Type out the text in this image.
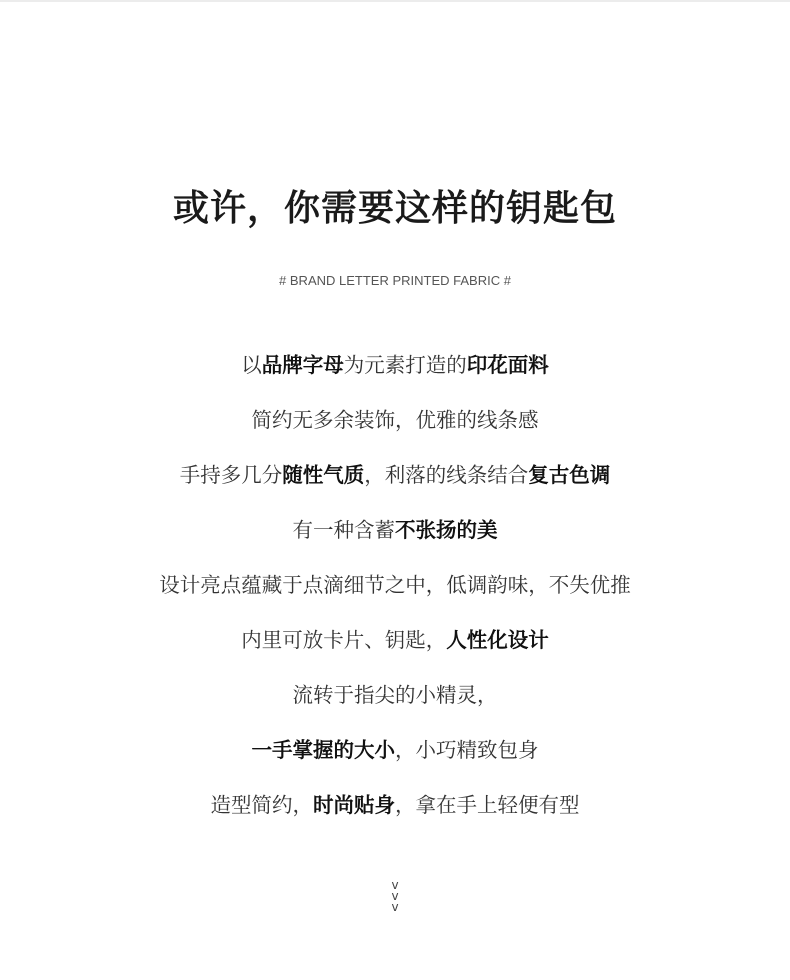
或许，你需要这样的钥匙包
# BRAND LETTER PRINTED FABRIC #
以品牌字母为元素打造的印花面料
简约无多余装饰，优雅的线条感
手持多几分随性气质，利落的线条结合复古色调
有一种含蓄不张扬的美
设计亮点蕴藏于点滴细节之中，低调韵味，不失优推
内里可放卡片、钥匙，人性化设计
流转于指尖的小精灵，
一手掌握的大小，小巧精致包身
造型简约，时尚贴身，拿在手上轻便有型
v
v
v
